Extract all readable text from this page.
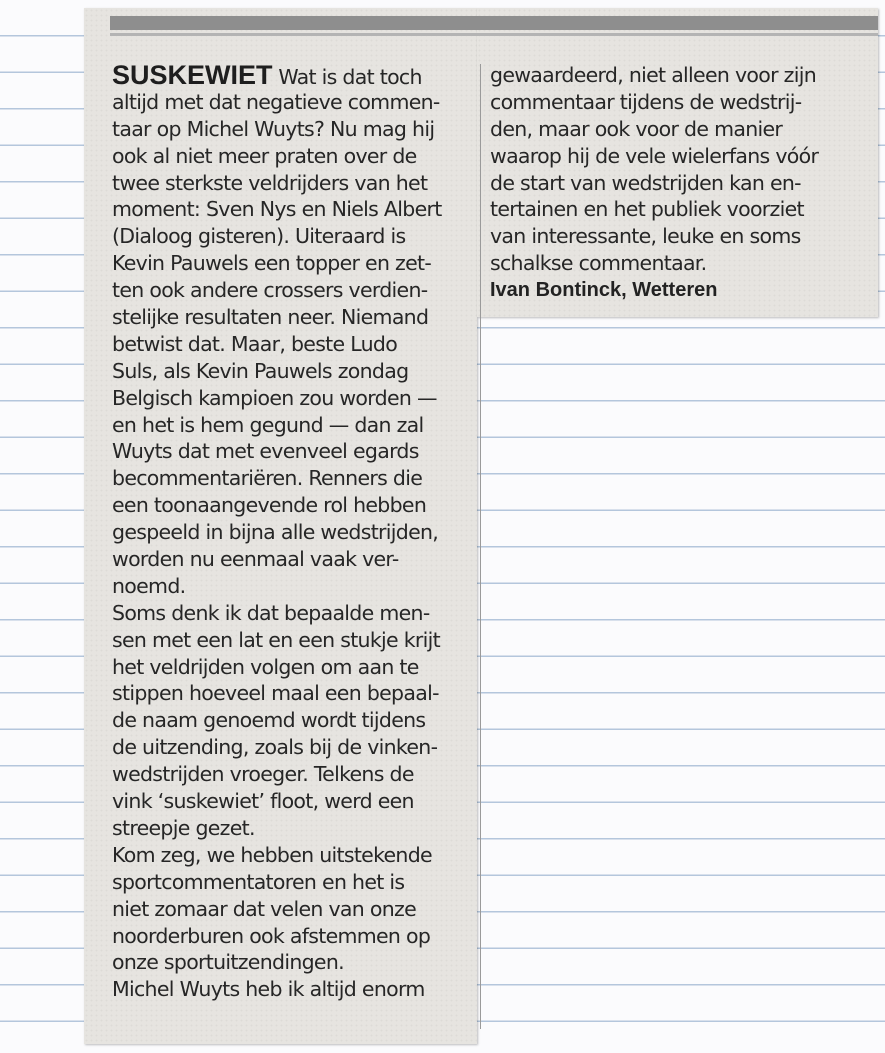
SUSKEWIET Wat is dat toch
altijd met dat negatieve commen-
taar op Michel Wuyts? Nu mag hij
ook al niet meer praten over de
twee sterkste veldrijders van het
moment: Sven Nys en Niels Albert
(Dialoog gisteren). Uiteraard is
Kevin Pauwels een topper en zet-
ten ook andere crossers verdien-
stelijke resultaten neer. Niemand
betwist dat. Maar, beste Ludo
Suls, als Kevin Pauwels zondag
Belgisch kampioen zou worden —
en het is hem gegund — dan zal
Wuyts dat met evenveel egards
becommentariëren. Renners die
een toonaangevende rol hebben
gespeeld in bijna alle wedstrijden,
worden nu eenmaal vaak ver-
noemd.
Soms denk ik dat bepaalde men-
sen met een lat en een stukje krijt
het veldrijden volgen om aan te
stippen hoeveel maal een bepaal-
de naam genoemd wordt tijdens
de uitzending, zoals bij de vinken-
wedstrijden vroeger. Telkens de
vink ‘suskewiet’ floot, werd een
streepje gezet.
Kom zeg, we hebben uitstekende
sportcommentatoren en het is
niet zomaar dat velen van onze
noorderburen ook afstemmen op
onze sportuitzendingen.
Michel Wuyts heb ik altijd enorm
gewaardeerd, niet alleen voor zijn
commentaar tijdens de wedstrij-
den, maar ook voor de manier
waarop hij de vele wielerfans vóór
de start van wedstrijden kan en-
tertainen en het publiek voorziet
van interessante, leuke en soms
schalkse commentaar.
Ivan Bontinck, Wetteren
